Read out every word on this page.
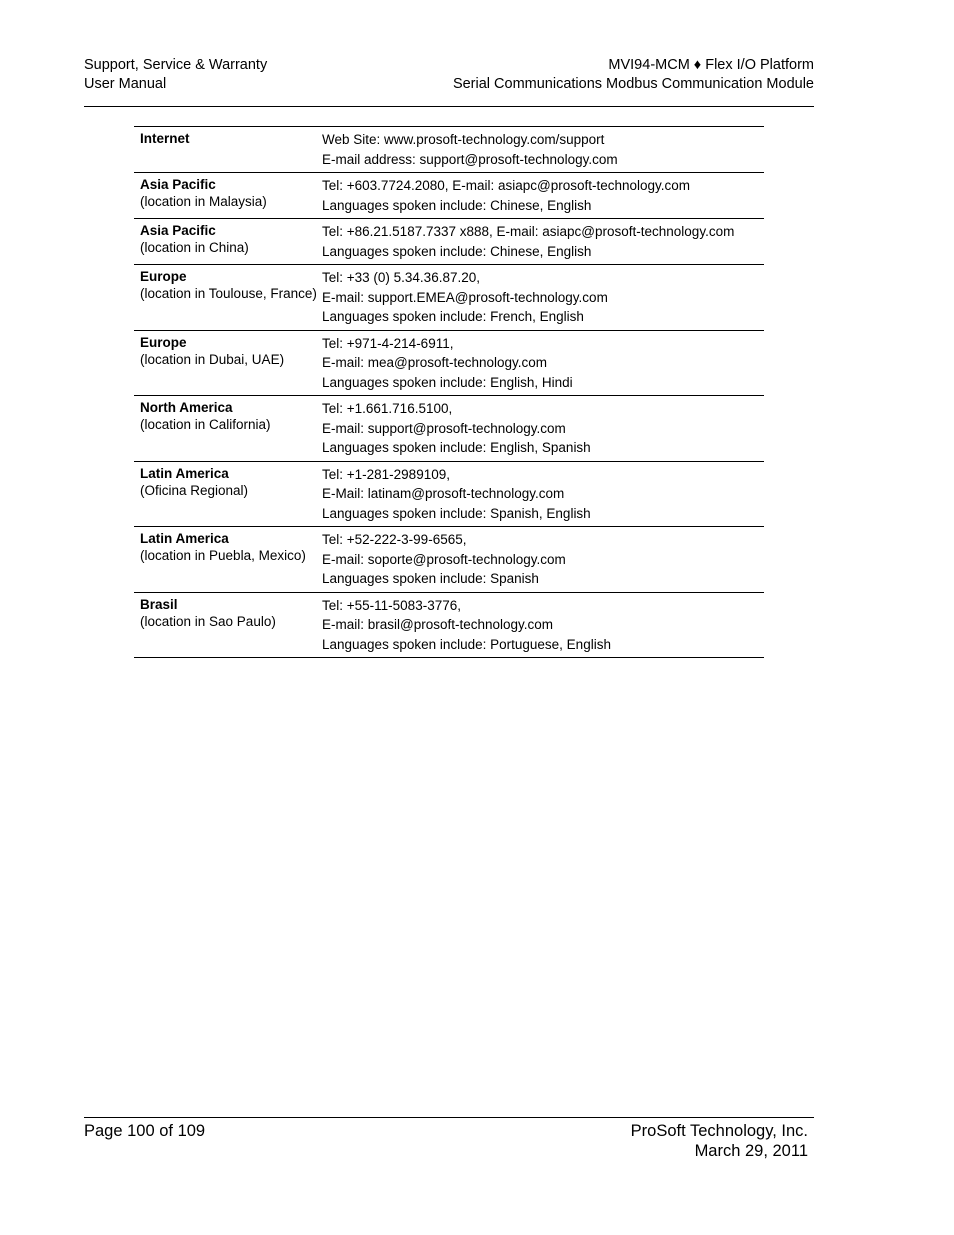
Support, Service & Warranty
User Manual
MVI94-MCM ♦ Flex I/O Platform
Serial Communications Modbus Communication Module
Internet	Web Site: www.prosoft-technology.com/support
E-mail address: support@prosoft-technology.com
Asia Pacific
(location in Malaysia)
Tel: +603.7724.2080, E-mail: asiapc@prosoft-technology.com
Languages spoken include: Chinese, English
Asia Pacific
(location in China)
Tel: +86.21.5187.7337 x888, E-mail: asiapc@prosoft-technology.com
Languages spoken include: Chinese, English
Europe
(location in Toulouse, France)
Tel: +33 (0) 5.34.36.87.20,
E-mail: support.EMEA@prosoft-technology.com
Languages spoken include: French, English
Europe
(location in Dubai, UAE)
Tel: +971-4-214-6911,
E-mail: mea@prosoft-technology.com
Languages spoken include: English, Hindi
North America
(location in California)
Tel: +1.661.716.5100,
E-mail: support@prosoft-technology.com
Languages spoken include: English, Spanish
Latin America
(Oficina Regional)
Tel: +1-281-2989109,
E-Mail: latinam@prosoft-technology.com
Languages spoken include: Spanish, English
Latin America
(location in Puebla, Mexico)
Tel: +52-222-3-99-6565,
E-mail: soporte@prosoft-technology.com
Languages spoken include: Spanish
Brasil
(location in Sao Paulo)
Tel: +55-11-5083-3776,
E-mail: brasil@prosoft-technology.com
Languages spoken include: Portuguese, English
Page 100 of 109	ProSoft Technology, Inc.
March 29, 2011
